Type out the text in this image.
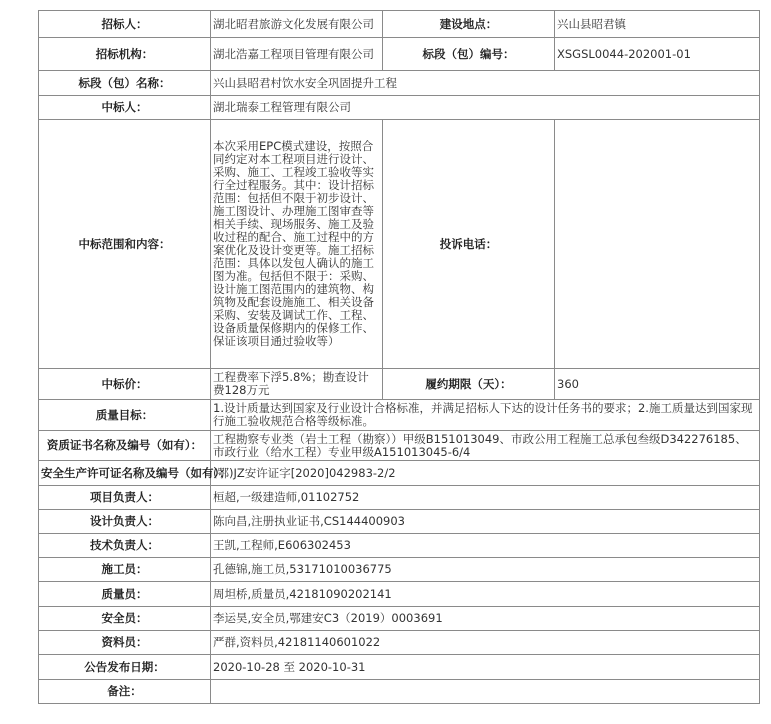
招标人：	湖北昭君旅游文化发展有限公司	建设地点：	兴山县昭君镇
招标机构：	湖北浩嘉工程项目管理有限公司	标段（包）编号：	XSGSL0044-202001-01
标段（包）名称：	兴山县昭君村饮水安全巩固提升工程		
中标人：	湖北瑞泰工程管理有限公司		
中标范围和内容：	本次采用EPC模式建设，按照合同约定对本工程项目进行设计、采购、施工、工程竣工验收等实行全过程服务。其中：设计招标范围：包括但不限于初步设计、施工图设计、办理施工图审查等相关手续、现场服务、施工及验收过程的配合、施工过程中的方案优化及设计变更等。施工招标范围：具体以发包人确认的施工图为准。包括但不限于：采购、设计施工图范围内的建筑物、构筑物及配套设施施工、相关设备采购、安装及调试工作、工程、设备质量保修期内的保修工作、保证该项目通过验收等）	投诉电话：	
中标价：	工程费率下浮5.8%；勘查设计费128万元	履约期限（天）：	360
质量目标：	1.设计质量达到国家及行业设计合格标准，并满足招标人下达的设计任务书的要求；2.施工质量达到国家现行施工验收规范合格等级标准。		
资质证书名称及编号（如有）：	工程勘察专业类（岩土工程（勘察））甲级B151013049、市政公用工程施工总承包叁级D342276185、市政行业（给水工程）专业甲级A151013045-6/4		
安全生产许可证名称及编号（如有）：	(鄂)JZ安许证字[2020]042983-2/2		
项目负责人：	桓超,一级建造师,01102752		
设计负责人：	陈向昌,注册执业证书,CS144400903		
技术负责人：	王凯,工程师,E606302453		
施工员：	孔德锦,施工员,53171010036775		
质量员：	周坦桥,质量员,42181090202141		
安全员：	李运昊,安全员,鄂建安C3（2019）0003691		
资料员：	严群,资料员,42181140601022		
公告发布日期：	2020-10-28 至 2020-10-31		
备注：			
